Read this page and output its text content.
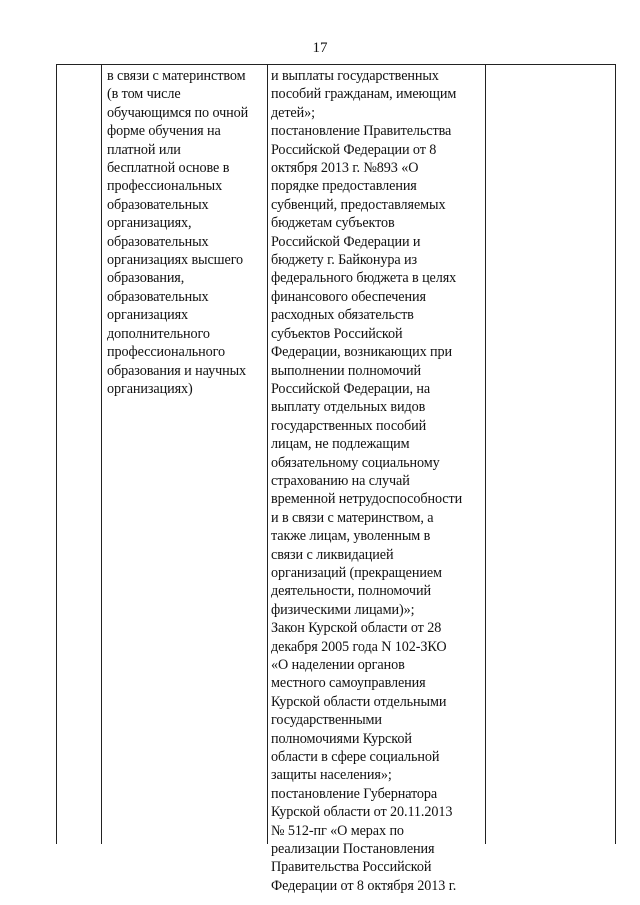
17
в связи с материнством
(в том числе
обучающимся по очной
форме обучения на
платной или
бесплатной основе в
профессиональных
образовательных
организациях,
образовательных
организациях высшего
образования,
образовательных
организациях
дополнительного
профессионального
образования и научных
организациях)
и выплаты государственных
пособий гражданам, имеющим
детей»;
постановление Правительства
Российской Федерации от 8
октября 2013 г. №893 «О
порядке предоставления
субвенций, предоставляемых
бюджетам субъектов
Российской Федерации и
бюджету г. Байконура из
федерального бюджета в целях
финансового обеспечения
расходных обязательств
субъектов Российской
Федерации, возникающих при
выполнении полномочий
Российской Федерации, на
выплату отдельных видов
государственных пособий
лицам, не подлежащим
обязательному социальному
страхованию на случай
временной нетрудоспособности
и в связи с материнством, а
также лицам, уволенным в
связи с ликвидацией
организаций (прекращением
деятельности, полномочий
физическими лицами)»;
Закон Курской области от 28
декабря 2005 года N 102-ЗКО
«О наделении органов
местного самоуправления
Курской области отдельными
государственными
полномочиями Курской
области в сфере социальной
защиты населения»;
постановление Губернатора
Курской области от 20.11.2013
№ 512-пг «О мерах по
реализации Постановления
Правительства Российской
Федерации от 8 октября 2013 г.
